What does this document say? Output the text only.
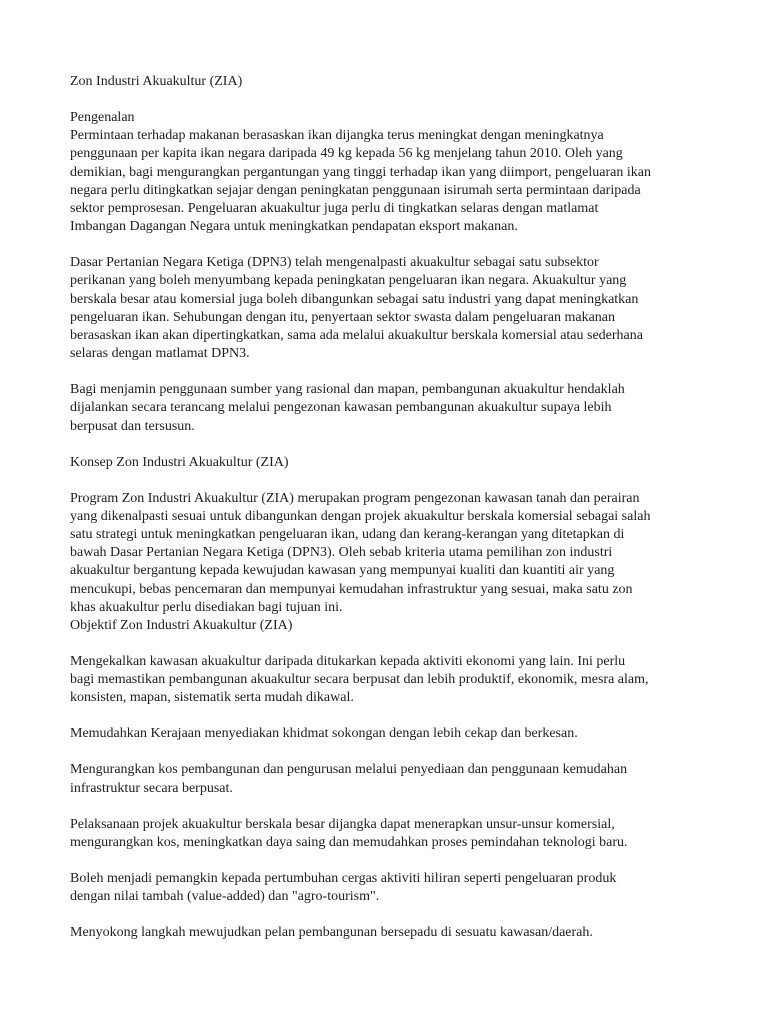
Zon Industri Akuakultur (ZIA)
Pengenalan
Permintaan terhadap makanan berasaskan ikan dijangka terus meningkat dengan meningkatnya
penggunaan per kapita ikan negara daripada 49 kg kepada 56 kg menjelang tahun 2010. Oleh yang
demikian, bagi mengurangkan pergantungan yang tinggi terhadap ikan yang diimport, pengeluaran ikan
negara perlu ditingkatkan sejajar dengan peningkatan penggunaan isirumah serta permintaan daripada
sektor pemprosesan. Pengeluaran akuakultur juga perlu di tingkatkan selaras dengan matlamat
Imbangan Dagangan Negara untuk meningkatkan pendapatan eksport makanan.
Dasar Pertanian Negara Ketiga (DPN3) telah mengenalpasti akuakultur sebagai satu subsektor
perikanan yang boleh menyumbang kepada peningkatan pengeluaran ikan negara. Akuakultur yang
berskala besar atau komersial juga boleh dibangunkan sebagai satu industri yang dapat meningkatkan
pengeluaran ikan. Sehubungan dengan itu, penyertaan sektor swasta dalam pengeluaran makanan
berasaskan ikan akan dipertingkatkan, sama ada melalui akuakultur berskala komersial atau sederhana
selaras dengan matlamat DPN3.
Bagi menjamin penggunaan sumber yang rasional dan mapan, pembangunan akuakultur hendaklah
dijalankan secara terancang melalui pengezonan kawasan pembangunan akuakultur supaya lebih
berpusat dan tersusun.
Konsep Zon Industri Akuakultur (ZIA)
Program Zon Industri Akuakultur (ZIA) merupakan program pengezonan kawasan tanah dan perairan
yang dikenalpasti sesuai untuk dibangunkan dengan projek akuakultur berskala komersial sebagai salah
satu strategi untuk meningkatkan pengeluaran ikan, udang dan kerang-kerangan yang ditetapkan di
bawah Dasar Pertanian Negara Ketiga (DPN3). Oleh sebab kriteria utama pemilihan zon industri
akuakultur bergantung kepada kewujudan kawasan yang mempunyai kualiti dan kuantiti air yang
mencukupi, bebas pencemaran dan mempunyai kemudahan infrastruktur yang sesuai, maka satu zon
khas akuakultur perlu disediakan bagi tujuan ini.
Objektif Zon Industri Akuakultur (ZIA)
Mengekalkan kawasan akuakultur daripada ditukarkan kepada aktiviti ekonomi yang lain. Ini perlu
bagi memastikan pembangunan akuakultur secara berpusat dan lebih produktif, ekonomik, mesra alam,
konsisten, mapan, sistematik serta mudah dikawal.
Memudahkan Kerajaan menyediakan khidmat sokongan dengan lebih cekap dan berkesan.
Mengurangkan kos pembangunan dan pengurusan melalui penyediaan dan penggunaan kemudahan
infrastruktur secara berpusat.
Pelaksanaan projek akuakultur berskala besar dijangka dapat menerapkan unsur-unsur komersial,
mengurangkan kos, meningkatkan daya saing dan memudahkan proses pemindahan teknologi baru.
Boleh menjadi pemangkin kepada pertumbuhan cergas aktiviti hiliran seperti pengeluaran produk
dengan nilai tambah (value-added) dan "agro-tourism".
Menyokong langkah mewujudkan pelan pembangunan bersepadu di sesuatu kawasan/daerah.
